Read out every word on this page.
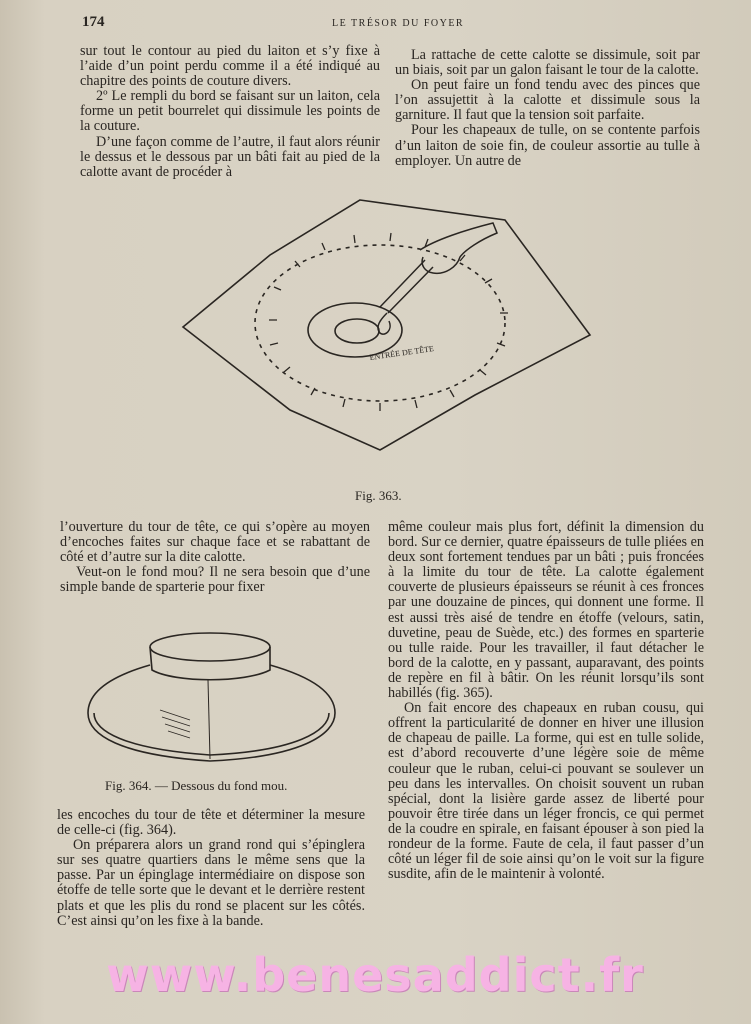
174	LE TRÉSOR DU FOYER

sur tout le contour au pied du laiton et s’y fixe à l’aide d’un point perdu comme il a été indiqué au chapitre des points de couture divers.

2º Le rempli du bord se faisant sur un laiton, cela forme un petit bourrelet qui dissimule les points de la couture.

D’une façon comme de l’autre, il faut alors réunir le dessus et le dessous par un bâti fait au pied de la calotte avant de procéder à

La rattache de cette calotte se dissimule, soit par un biais, soit par un galon faisant le tour de la calotte.

On peut faire un fond tendu avec des pinces que l’on assujettit à la calotte et dissimule sous la garniture. Il faut que la tension soit parfaite.

Pour les chapeaux de tulle, on se contente parfois d’un laiton de soie fin, de couleur assortie au tulle à employer. Un autre de

ENTRÉE DE TÊTE
Fig. 363.

l’ouverture du tour de tête, ce qui s’opère au moyen d’encoches faites sur chaque face et se rabattant de côté et d’autre sur la dite calotte.

Veut-on le fond mou? Il ne sera besoin que d’une simple bande de sparterie pour fixer

Fig. 364. — Dessous du fond mou.

les encoches du tour de tête et déterminer la mesure de celle-ci (fig. 364).

On préparera alors un grand rond qui s’épinglera sur ses quatre quartiers dans le même sens que la passe. Par un épinglage intermédiaire on dispose son étoffe de telle sorte que le devant et le derrière restent plats et que les plis du rond se placent sur les côtés. C’est ainsi qu’on les fixe à la bande.

même couleur mais plus fort, définit la dimension du bord. Sur ce dernier, quatre épaisseurs de tulle pliées en deux sont fortement tendues par un bâti ; puis froncées à la limite du tour de tête. La calotte également couverte de plusieurs épaisseurs se réunit à ces fronces par une douzaine de pinces, qui donnent une forme. Il est aussi très aisé de tendre en étoffe (velours, satin, duvetine, peau de Suède, etc.) des formes en sparterie ou tulle raide. Pour les travailler, il faut détacher le bord de la calotte, en y passant, auparavant, des points de repère en fil à bâtir. On les réunit lorsqu’ils sont habillés (fig. 365).

On fait encore des chapeaux en ruban cousu, qui offrent la particularité de donner en hiver une illusion de chapeau de paille. La forme, qui est en tulle solide, est d’abord recouverte d’une légère soie de même couleur que le ruban, celui-ci pouvant se soulever un peu dans les intervalles. On choisit souvent un ruban spécial, dont la lisière garde assez de liberté pour pouvoir être tirée dans un léger froncis, ce qui permet de la coudre en spirale, en faisant épouser à son pied la rondeur de la forme. Faute de cela, il faut passer d’un côté un léger fil de soie ainsi qu’on le voit sur la figure susdite, afin de le maintenir à volonté.

www.benesaddict.fr
